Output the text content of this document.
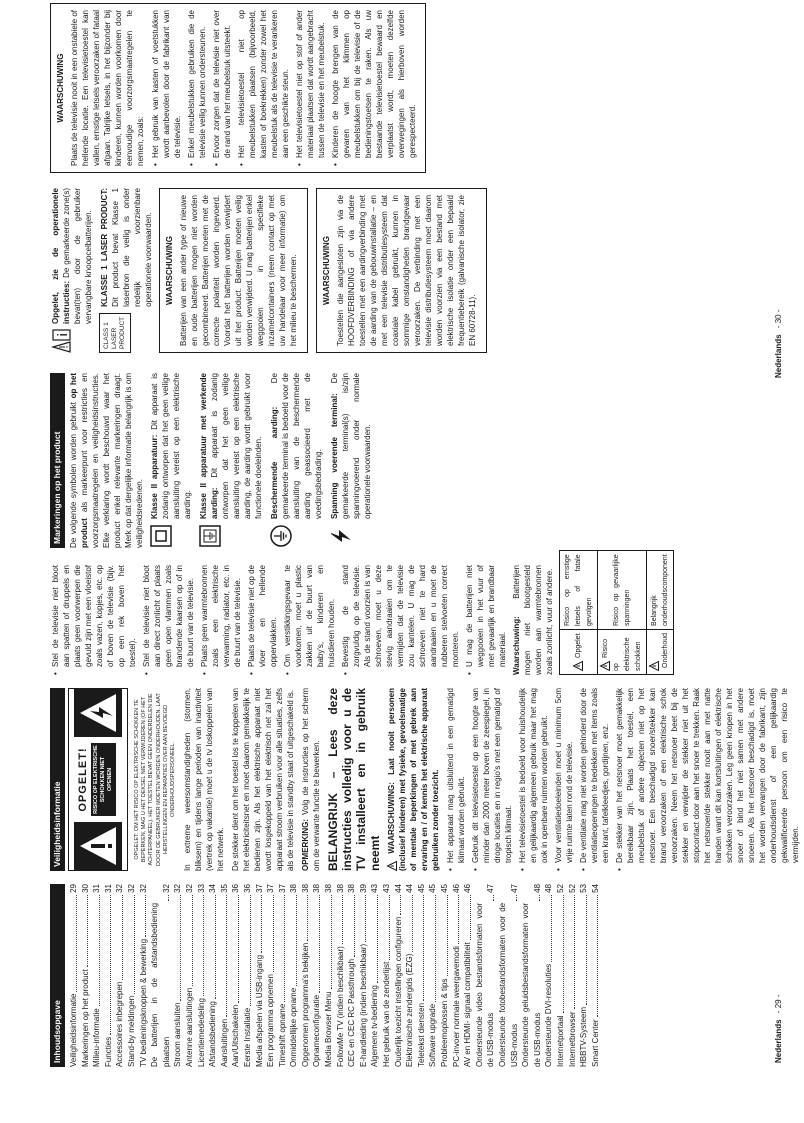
Inhoudsopgave Veiligheidsinformatie
29
Markeringen op het product
30
Milieu-informatie
31
Functies
31
Accessoires inbegrepen
32
Stand-by meldingen
32
TV bedieningsknoppen & bewerking
32
De batterijen in de afstandsbediening plaatsen
32
Stroom aansluiten
32
Antenne aansluitingen
32
Licentiemededeling
33
Afstandsbediening
34
Aansluitingen
35
Aan/Uitschakelen
36
Eerste Installatie
36
Media afspelen via USB-ingang
37
Een programma opnemen
37
Timeshift opname
37
Onmiddellijke opname
38
Opgenomen programma's bekijken
38
Opnameconfiguratie
38
Media Browser Menu
38
FollowMe TV (indien beschikbaar)
38
CEC en CEC RC Passthrough
38
E-handleiding (indien beschikbaar)
39
Algemene tv-bediening
43
Het gebruik van de zenderlijst
43
Ouderlijk toezicht instellingen configureren
44
Elektronische zendergids (EZG)
44
Teletekst diensten
45
Software upgrade
45
Probleemoplossen & tips
45
PC-invoer normale weergavemodi
46
AV en HDMI- signaal compatibiliteit
46
Ondersteunde video bestandsformaten voor de USB-modus
47
Ondersteunde fotobestandsformaten voor de USB-modus
47
Ondersteunde geluidsbestandsformaten voor de USB-modus
48
Ondersteunde DVI-resoluties
48
Internetportaal
52
Internetbrowser
52
HBBTV-Systeem
53
Smart Center
54
Veiligheidsinformatie
OPGELET! RISICO OP ELEKTRISCHE SCHOKKEN NIET OPENEN	OPGELET: OM HET RISICO OP ELEKTRISCHE SCHOKKEN TE BEPERKEN, MAG U HET DEKSEL NIET VERWIJDEREN (OF HET ACHTERPANEEL). HET TOESTEL BEVAT GEEN ONDERDELEN DIE DOOR DE GEBRUIKER MOETEN WORDEN ONDERHOUDEN. LAAT HERSTELLINGEN EN REPARATIES OVER AAN BEVOEGD ONDERHOUDSPERSONEEL. In extreme weersomstandigheden (stormen, bliksem) en tijdens lange perioden van inactiviteit (vertrek op vakantie) moet u de tv loskoppelen van het netwerk. De stekker dient om het toestel los te koppelen van het elektriciteitsnet en moet daarom gemakkelijk te bedienen zijn. Als het elektrische apparaat niet wordt losgekoppeld van het elektrisch net zal het apparaat stroom verbruiken voor alle situaties, zelfs als de televisie in standby staat of uitgeschakeld is. OPMERKING: Volg de instructies op het scherm om de verwante functie te bewerken. BELANGRIJK – Lees deze instructies volledig voor u de TV installeert en in gebruik neemt WAARSCHUWING: Laat nooit personen (inclusief kinderen) met fysieke, gevoelsmatige of mentale beperkingen of met gebrek aan ervaring en / of kennis het elektrische apparaat gebruiken zonder toezicht. • Het apparaat mag uitsluitend in een gematigd klimaat worden gebruikt. • Gebruik dit televisietoestel op een hoogte van minder dan 2000 meter boven de zeespiegel, in droge locaties en in regio's met een gematigd of tropisch klimaat. • Het televisietoestel is bedoeld voor huishoudelijk en gelijkaardig algemeen gebruik maar het mag ook in openbare ruimten worden gebruikt. • Voor ventilatiedoeleinden moet u minimum 5cm vrije ruimte laten rond de televisie. • De ventilatie mag niet worden gehinderd door de ventilatieopeningen te bedekken met items zoals een krant, tafelkleedjes, gordijnen, enz. • De stekker van het netsnoer moet gemakkelijk bereikbaar zijn. Plaats het toestel, een meubelstuk of andere objecten niet op het netsnoer. Een beschadigd snoer/stekker kan brand veroorzaken of een elektrische schok veroorzaken. Neem het netsnoer beet bij de stekker en verwijder de stekker niet uit het stopcontact door aan het snoer te trekken. Raak het netsnoer/de stekker nooit aan met natte handen want dit kan kortsluitingen of elektrische schokken veroorzaken. Leg geen knopen in het snoer of bind het niet samen met andere snoeren. Als het netsnoer beschadigd is, moet het worden vervangen door de fabrikant, zijn onderhoudsdienst of een gelijkaardig gekwalificeerde persoon om een risico te vermijden.
• Stel de televisie niet bloot aan spatten of druppels en plaats geen voorwerpen die gevuld zijn met een vloeistof zoals vazen, kopjes, etc. op of boven de televisie (bijv. op een rek boven het toestel). • Stel de televisie niet bloot aan direct zonlicht of plaats geen open vlammen zoals brandende kaarsen op of in de buurt van de televisie. • Plaats geen warmtebronnen zoals een elektrische verwarming, radiator, etc. in de buurt van de televisie. • Plaats de televisie niet op de vloer en hellende oppervlakken. • Om verstikkingsgevaar te voorkomen, moet u plastic zakken uit de buurt van baby's, kinderen en huisdieren houden. • Bevestig de stand zorgvuldig op de televisie. Als de stand voorzien is van schroeven, moet u deze stevig aandraaien om te vermijden dat de televisie zou kantelen. U mag de schroeven niet te hard aandraaien en u moet de rubberen stelvoeten correct monteren. • U mag de batterijen niet weggooien in het vuur of met gevaarlijk en brandbaar materiaal. Waarschuwing: Batterijen mogen niet blootgesteld worden aan warmtebronnen zoals zonlicht, vuur of andere.	Opgelet	Risico op ernstige letsels of fatale gevolgen
Risico op elektrische schokken	Risico op gevaarlijke spanningen
Onderhoud	Belangrijk onderhoudscomponent
Nederlands - 29 -
Markeringen op het product De volgende symbolen worden gebruikt op het product als markeerpunt voor restricties en voorzorgsmaatregelen en veiligheidsinstructies. Elke verklaring wordt beschouwd waar het product enkel relevante markeringen draagt. Merk op dat dergelijke informatie belangrijk is om veiligheidsredenen. Klasse II apparatuur: Dit apparaat is zodanig ontworpen dat het geen veilige aansluiting vereist op een elektrische aarding. Klasse II apparatuur met werkende aarding: Dit apparaat is zodanig ontworpen dat het geen veilige aansluiting vereist op een elektrische aarding, de aarding wordt gebruikt voor functionele doeleinden. Beschermende aarding: De gemarkeerde terminal is bedoeld voor de aansluiting van de beschermende aarding geassocieerd met de voedingsbedrading. Spanning voerende terminal: De gemarkeerde terminal(s) is/zijn spanningvoerend onder normale operationele voorwaarden.
Opgelet, zie de operationele instructies: De gemarkeerde zone(s) bevat(ten) door de gebruiker vervangbare knoopcelbatterijen.
CLASS 1 LASER PRODUCT
KLASSE 1 LASER PRODUCT: Dit product bevat Klasse 1 laserbron die veilig is onder redelijk voorzienbare operationele voorwaarden. WAARSCHUWING Batterijen van een ander type of nieuwe en oude batterijen mogen niet worden gecombineerd. Batterijen moeten met de correcte polariteit worden ingevoerd. Voordat het batterijen worden verwijdert uit het product. Batterijen moeten veilig worden verwijderd. U mag batterijen enkel weggooien in specifieke inzamelcontainers (neem contact op met uw handelaar voor meer informatie) om het milieu te beschermen.	WAARSCHUWING Toestellen die aangesloten zijn via de HOOFDVERBINDING of via andere toestellen met een aardingverbinding met de aarding van de gebouwinstallatie – en met een televisie distributiesysteem dat coaxiale kabel gebruikt, kunnen in sommige omstandigheden brandgevaar veroorzaken. De verbinding met een televisie distributiesysteem moet daarom worden voorzien via een bestand met elektrische isolatie onder een bepaald frequentiebereik (galvanische isolator, zie EN 60728-11).

WAARSCHUWING Plaats de televisie nooit in een onstabiele of hellende locatie. Een televisietoestel kan vallen, ernstige letsels veroorzaken of fataal afgaan. Talrijke letsels, in het bijzonder bij kinderen, kunnen worden voorkomen door eenvoudige voorzorgsmaatregelen te nemen, zoals: • Het gebruik van kasten of voetstukken wordt aanbevolen door de fabrikant van de televisie. • Enkel meubelstukken gebruiken die de televisie veilig kunnen ondersteunen. • Ervoor zorgen dat de televisie niet over de rand van het meubelstuk uitsteekt. • Het televisietoestel niet op meubelstukken plaatsen (bijvoorbeeld, kasten of boekrekken) zonder zowel het meubelstuk als de televisie te verankeren aan een geschikte steun. • Het televisietoestel niet op stof of ander materiaal plaatsen dat wordt aangebracht tussen de televisie en het meubelstuk. • Kinderen de hoogte brengen van de gevaren van het klimmen op meubelstukken om bij de televisie of de bedieningstoetsen te raken. Als uw bestaande televisietoestel bewaard en verplaatst wordt, moeten dezelfde overwegingen als hierboven worden gerespecteerd.
Nederlands - 30 -
